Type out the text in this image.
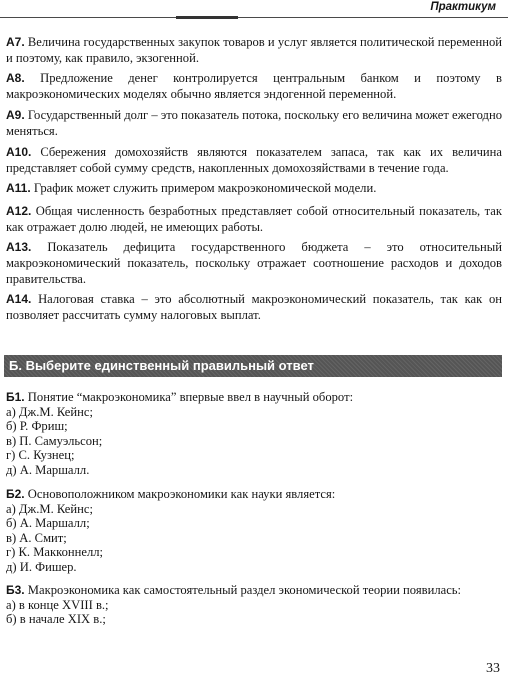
Практикум
A7. Величина государственных закупок товаров и услуг является политической переменной и поэтому, как правило, экзогенной.
A8. Предложение денег контролируется центральным банком и поэтому в макроэкономических моделях обычно является эндогенной переменной.
A9. Государственный долг – это показатель потока, поскольку его величина может ежегодно меняться.
A10. Сбережения домохозяйств являются показателем запаса, так как их величина представляет собой сумму средств, накопленных домохозяйствами в течение года.
A11. График может служить примером макроэкономической модели.
A12. Общая численность безработных представляет собой относительный показатель, так как отражает долю людей, не имеющих работы.
A13. Показатель дефицита государственного бюджета – это относительный макроэкономический показатель, поскольку отражает соотношение расходов и доходов правительства.
A14. Налоговая ставка – это абсолютный макроэкономический показатель, так как он позволяет рассчитать сумму налоговых выплат.
Б. Выберите единственный правильный ответ
Б1. Понятие “макроэкономика” впервые ввел в научный оборот:
а) Дж.М. Кейнс;
б) Р. Фриш;
в) П. Самуэльсон;
г) С. Кузнец;
д) А. Маршалл.
Б2. Основоположником макроэкономики как науки является:
а) Дж.М. Кейнс;
б) А. Маршалл;
в) А. Смит;
г) К. Макконнелл;
д) И. Фишер.
Б3. Макроэкономика как самостоятельный раздел экономической теории появилась:
а) в конце XVIII в.;
б) в начале XIX в.;
33
